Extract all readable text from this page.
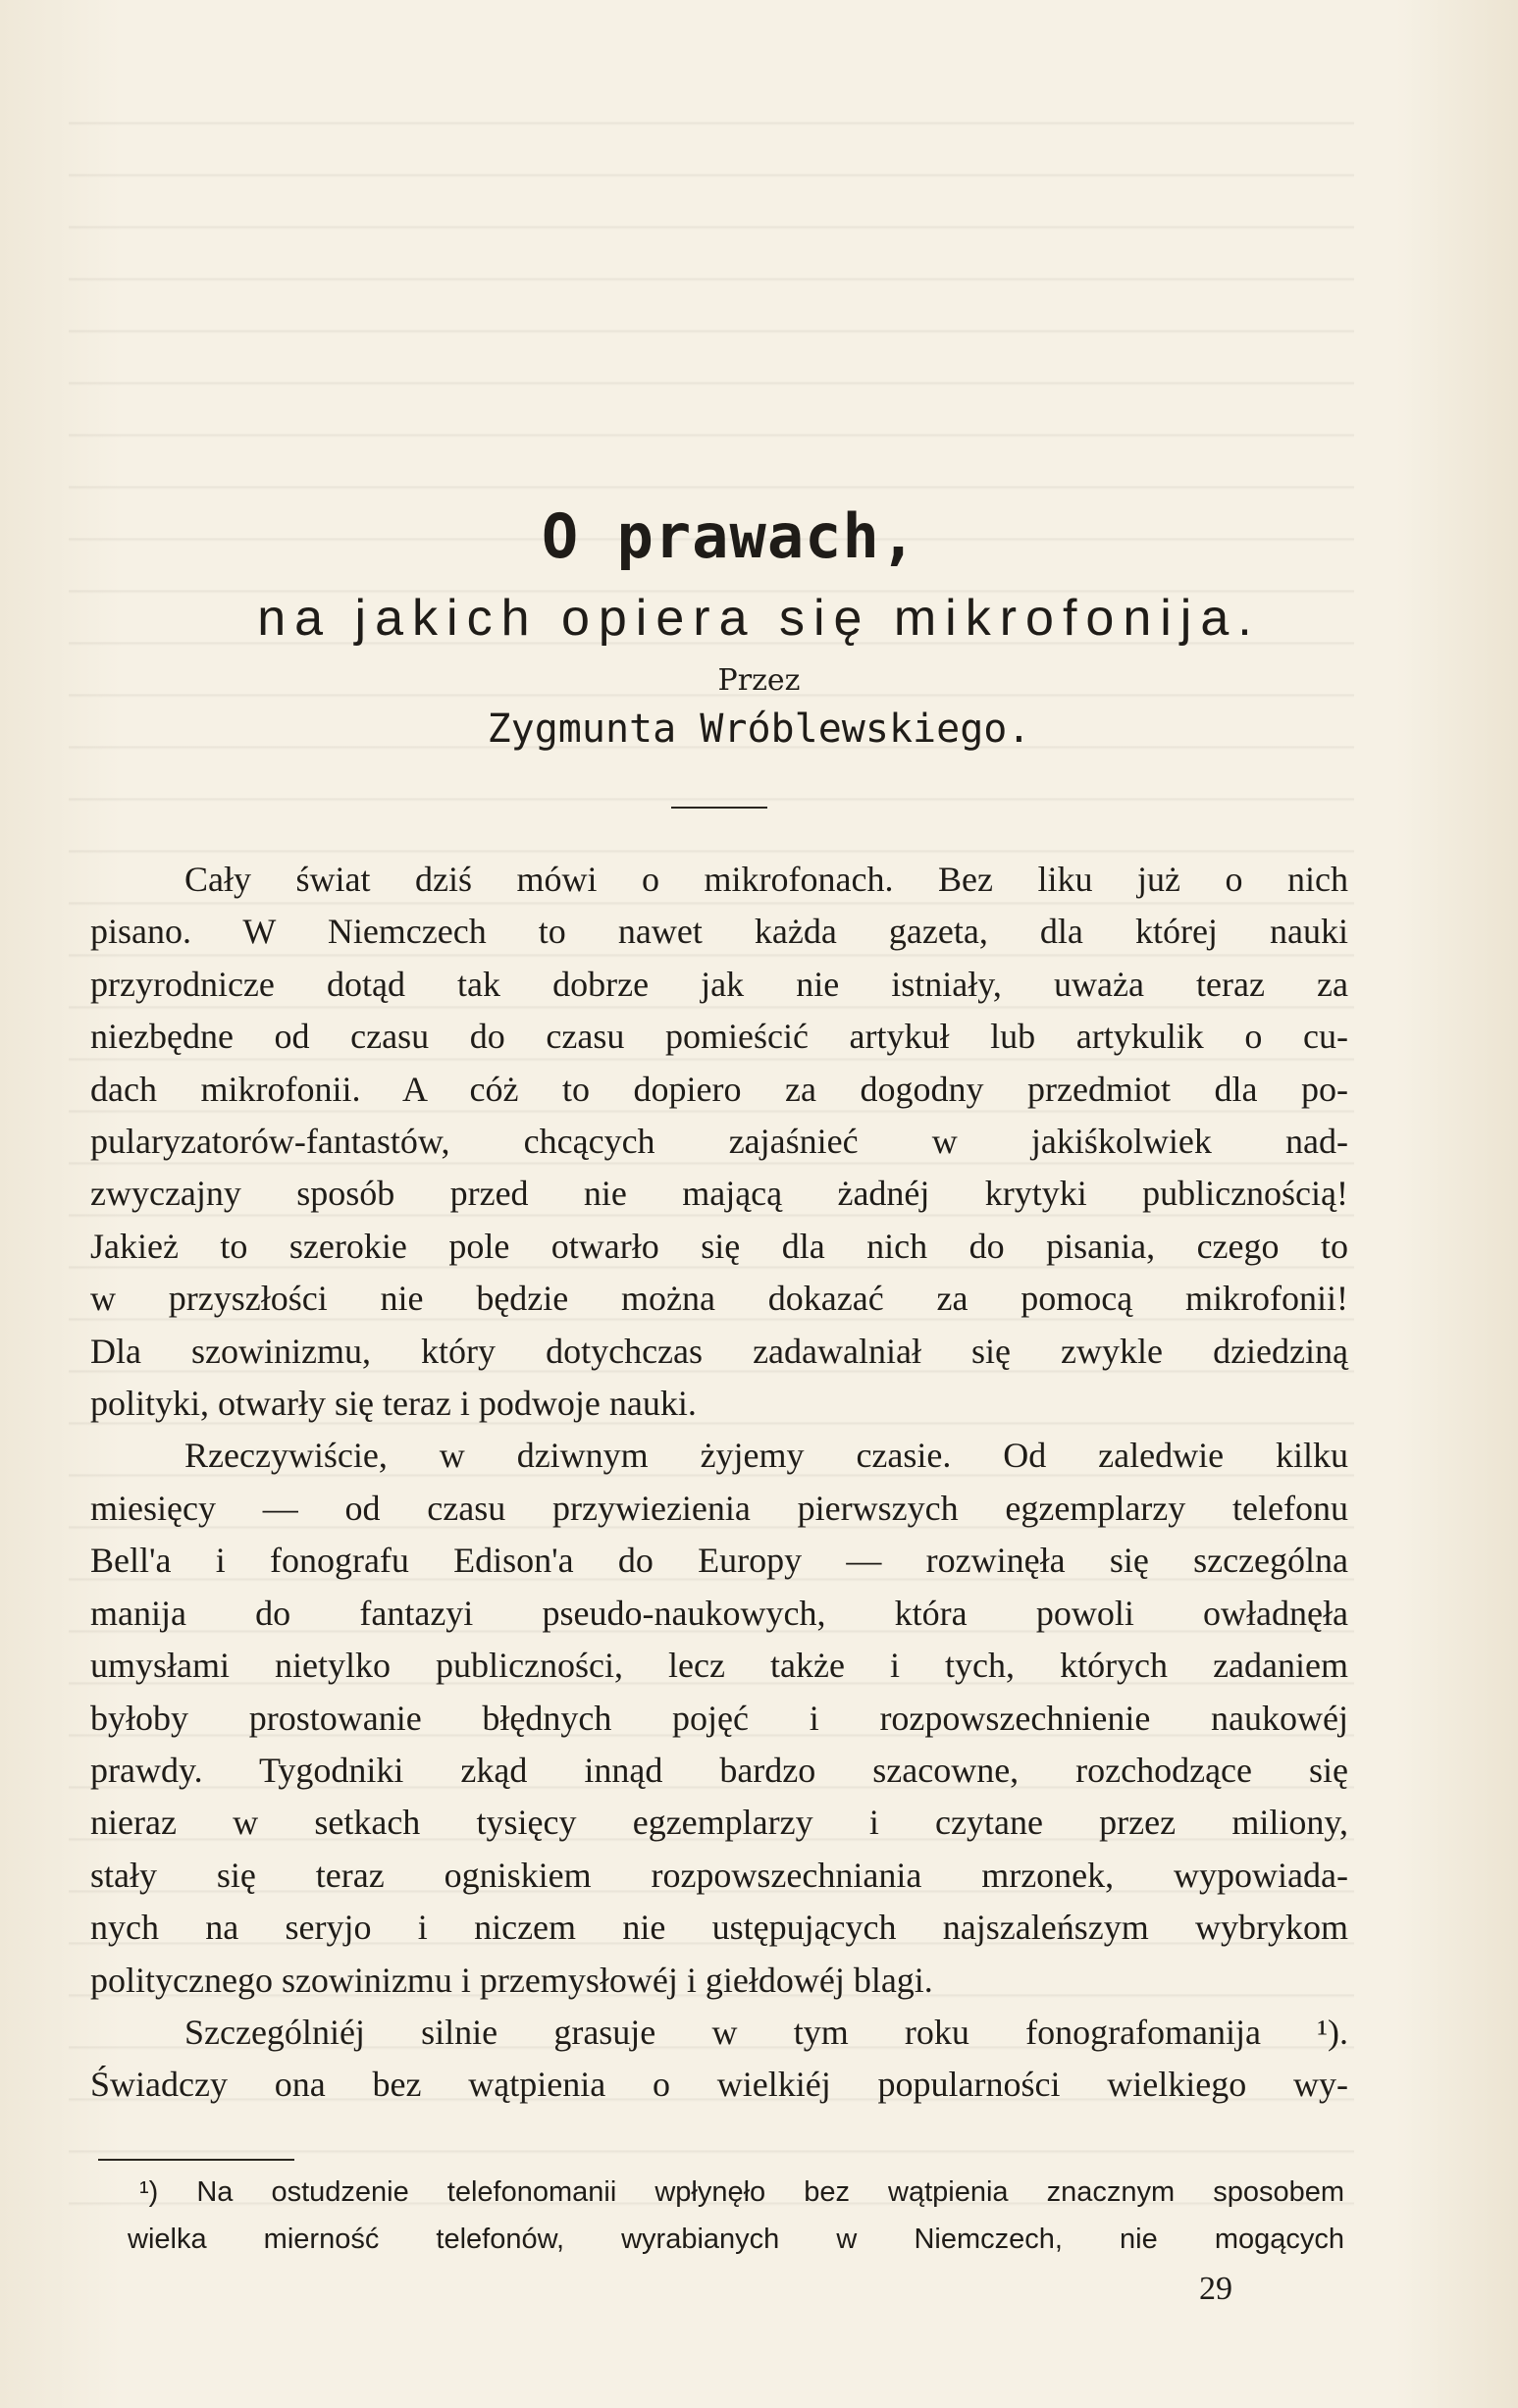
O prawach,
na jakich opiera się mikrofonija.
Przez
Zygmunta Wróblewskiego.
Cały świat dziś mówi o mikrofonach. Bez liku już o nich
pisano. W Niemczech to nawet każda gazeta, dla której nauki
przyrodnicze dotąd tak dobrze jak nie istniały, uważa teraz za
niezbędne od czasu do czasu pomieścić artykuł lub artykulik o cu-
dach mikrofonii. A cóż to dopiero za dogodny przedmiot dla po-
pularyzatorów-fantastów, chcących zajaśnieć w jakiśkolwiek nad-
zwyczajny sposób przed nie mającą żadnéj krytyki publicznością!
Jakież to szerokie pole otwarło się dla nich do pisania, czego to
w przyszłości nie będzie można dokazać za pomocą mikrofonii!
Dla szowinizmu, który dotychczas zadawalniał się zwykle dziedziną
polityki, otwarły się teraz i podwoje nauki.
Rzeczywiście, w dziwnym żyjemy czasie. Od zaledwie kilku
miesięcy — od czasu przywiezienia pierwszych egzemplarzy telefonu
Bell'a i fonografu Edison'a do Europy — rozwinęła się szczególna
manija do fantazyi pseudo-naukowych, która powoli owładnęła
umysłami nietylko publiczności, lecz także i tych, których zadaniem
byłoby prostowanie błędnych pojęć i rozpowszechnienie naukowéj
prawdy. Tygodniki zkąd innąd bardzo szacowne, rozchodzące się
nieraz w setkach tysięcy egzemplarzy i czytane przez miliony,
stały się teraz ogniskiem rozpowszechniania mrzonek, wypowiada-
nych na seryjo i niczem nie ustępujących najszaleńszym wybrykom
politycznego szowinizmu i przemysłowéj i giełdowéj blagi.
Szczególniéj silnie grasuje w tym roku fonografomanija ¹).
Świadczy ona bez wątpienia o wielkiéj popularności wielkiego wy-
¹) Na ostudzenie telefonomanii wpłynęło bez wątpienia znacznym sposobem
wielka mierność telefonów, wyrabianych w Niemczech, nie mogących
29
